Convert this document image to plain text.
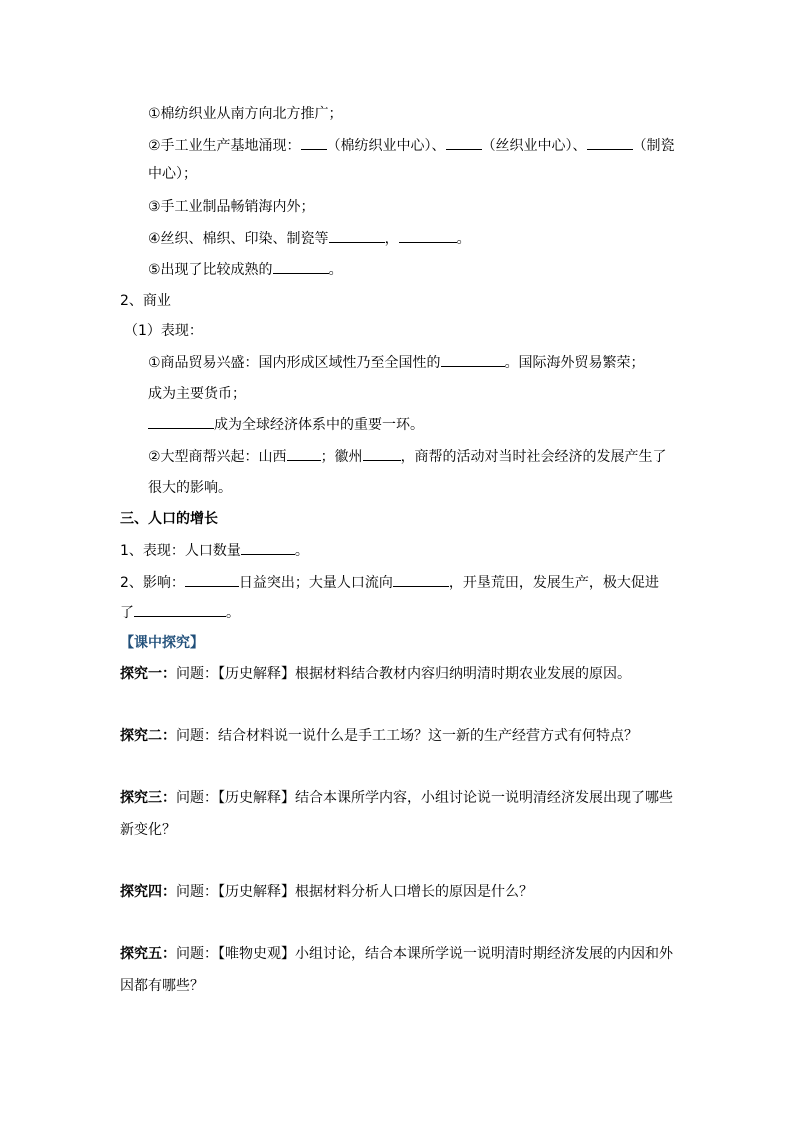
①棉纺织业从南方向北方推广；
②手工业生产基地涌现： （棉纺织业中心）、	（丝织业中心）、	（制瓷
中心）；
③手工业制品畅销海内外；
④丝织、棉织、印染、制瓷等	，	。
⑤出现了比较成熟的	。
2、商业
（1）表现：
①商品贸易兴盛：国内形成区域性乃至全国性的	。国际海外贸易繁荣；
成为主要货币；
成为全球经济体系中的重要一环。
②大型商帮兴起：山西 ；徽州	，商帮的活动对当时社会经济的发展产生了
很大的影响。
三、人口的增长
1、表现：人口数量	。
2、影响：	日益突出；大量人口流向	，开垦荒田，发展生产，极大促进
了	。
【课中探究】
探究一：问题：【历史解释】根据材料结合教材内容归纳明清时期农业发展的原因。
探究二：问题：结合材料说一说什么是手工工场？这一新的生产经营方式有何特点？
探究三：问题：【历史解释】结合本课所学内容，小组讨论说一说明清经济发展出现了哪些
新变化？
探究四：问题：【历史解释】根据材料分析人口增长的原因是什么？
探究五：问题：【唯物史观】小组讨论，结合本课所学说一说明清时期经济发展的内因和外
因都有哪些？
